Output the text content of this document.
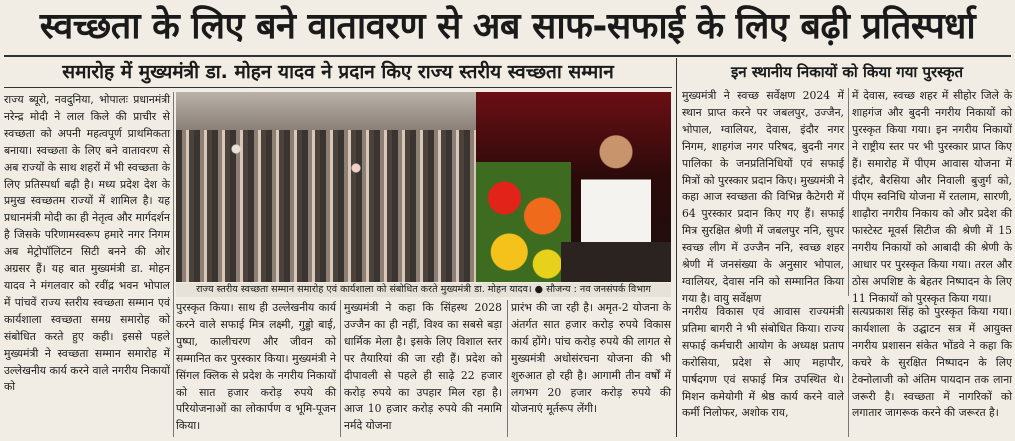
स्वच्छता के लिए बने वातावरण से अब साफ-सफाई के लिए बढ़ी प्रतिस्पर्धा
समारोह में मुख्यमंत्री डा. मोहन यादव ने प्रदान किए राज्य स्तरीय स्वच्छता सम्मान	इन स्थानीय निकायों को किया गया पुरस्कृत
राज्य ब्यूरो, नवदुनिया, भोपालः प्रधानमंत्री नरेन्द्र मोदी ने लाल किले की प्राचीर से स्वच्छता को अपनी महत्वपूर्ण प्राथमिकता बनाया। स्वच्छता के लिए बने वातावरण से अब राज्यों के साथ शहरों में भी स्वच्छता के लिए प्रतिस्पर्धा बढ़ी है। मध्य प्रदेश देश के प्रमुख स्वच्छतम राज्यों में शामिल है। यह प्रधानमंत्री मोदी का ही नेतृत्व और मार्गदर्शन है जिसके परिणामस्वरूप हमारे नगर निगम अब मेट्रोपॉलिटन सिटी बनने की ओर अग्रसर हैं। यह बात मुख्यमंत्री डा. मोहन यादव ने मंगलवार को रवींद्र भवन भोपाल में पांचवें राज्य स्तरीय स्वच्छता सम्मान एवं कार्यशाला स्वच्छता समग्र समारोह को संबोधित करते हुए कही। इससे पहले मुख्यमंत्री ने स्वच्छता सम्मान समारोह में उल्लेखनीय कार्य करने वाले नगरीय निकायों को
राज्य स्तरीय स्वच्छता सम्मान समारोह एवं कार्यशाला को संबोधित करते मुख्यमंत्री डा. मोहन यादव। ● सौजन्य : नव जनसंपर्क विभाग
पुरस्कृत किया। साथ ही उल्लेखनीय कार्य करने वाले सफाई मित्र लक्ष्मी, गुड्डो बाई, पुष्पा, कालीचरण और जीवन को सम्मानित कर पुरस्कार किया। मुख्यमंत्री ने सिंगल क्लिक से प्रदेश के नगरीय निकायों को सात हजार करोड़ रुपये की परियोजनाओं का लोकार्पण व भूमि-पूजन किया।
मुख्यमंत्री ने कहा कि सिंहस्थ 2028 उज्जैन का ही नहीं, विश्व का सबसे बड़ा धार्मिक मेला है। इसके लिए विशाल स्तर पर तैयारियां की जा रही हैं। प्रदेश को दीपावली से पहले ही साढ़े 22 हजार करोड़ रुपये का उपहार मिल रहा है। आज 10 हजार करोड़ रुपये की नमामि नर्मदे योजना
प्रारंभ की जा रही है। अमृत-2 योजना के अंतर्गत सात हजार करोड़ रुपये विकास कार्य होंगे। पांच करोड़ रुपये की लागत से मुख्यमंत्री अधोसंरचना योजना की भी शुरुआत हो रही है। आगामी तीन वर्षों में लगभग 20 हजार करोड़ रुपये की योजनाएं मूर्तरूप लेंगी।
मुख्यमंत्री ने स्वच्छ सर्वेक्षण 2024 में स्थान प्राप्त करने पर जबलपुर, उज्जैन, भोपाल, ग्वालियर, देवास, इंदौर नगर निगम, शाहगंज नगर परिषद, बुदनी नगर पालिका के जनप्रतिनिधियों एवं सफाई मित्रों को पुरस्कार प्रदान किए। मुख्यमंत्री ने कहा आज स्वच्छता की विभिन्न कैटेगरी में 64 पुरस्कार प्रदान किए गए हैं। सफाई मित्र सुरक्षित श्रेणी में जबलपुर ननि, सुपर स्वच्छ लीग में उज्जैन ननि, स्वच्छ शहर श्रेणी में जनसंख्या के अनुसार भोपाल, ग्वालियर, देवास ननि को सम्मानित किया गया है। वायु सर्वेक्षण
में देवास, स्वच्छ शहर में सीहोर जिले के शाहगंज और बुदनी नगरीय निकायों को पुरस्कृत किया गया। इन नगरीय निकायों ने राष्ट्रीय स्तर पर भी पुरस्कार प्राप्त किए हैं। समारोह में पीएम आवास योजना में इंदौर, बैरसिया और निवाली बुजुर्ग को, पीएम स्वनिधि योजना में रतलाम, सारणी, शाढ़ौरा नगरीय निकाय को और प्रदेश की फास्टेस्ट मूवर्स सिटीज की श्रेणी में 15 नगरीय निकायों को आबादी की श्रेणी के आधार पर पुरस्कृत किया गया। तरल और ठोस अपशिष्ट के बेहतर निष्पादन के लिए 11 निकायों को पुरस्कृत किया गया।
नगरीय विकास एवं आवास राज्यमंत्री प्रतिमा बागरी ने भी संबोधित किया। राज्य सफाई कर्मचारी आयोग के अध्यक्ष प्रताप करोसिया, प्रदेश से आए महापौर, पार्षदगण एवं सफाई मित्र उपस्थित थे। मिशन कमेयोगी में श्रेष्ठ कार्य करने वाले कर्मी निलोफर, अशोक राय,
सत्यप्रकाश सिंह को पुरस्कृत किया गया। कार्यशाला के उद्घाटन सत्र में आयुक्त नगरीय प्रशासन संकेत भोंडवे ने कहा कि कचरे के सुरक्षित निष्पादन के लिए टेक्नोलाजी को अंतिम पायदान तक लाना जरूरी है। स्वच्छता में नागरिकों को लगातार जागरूक करने की जरूरत है।
